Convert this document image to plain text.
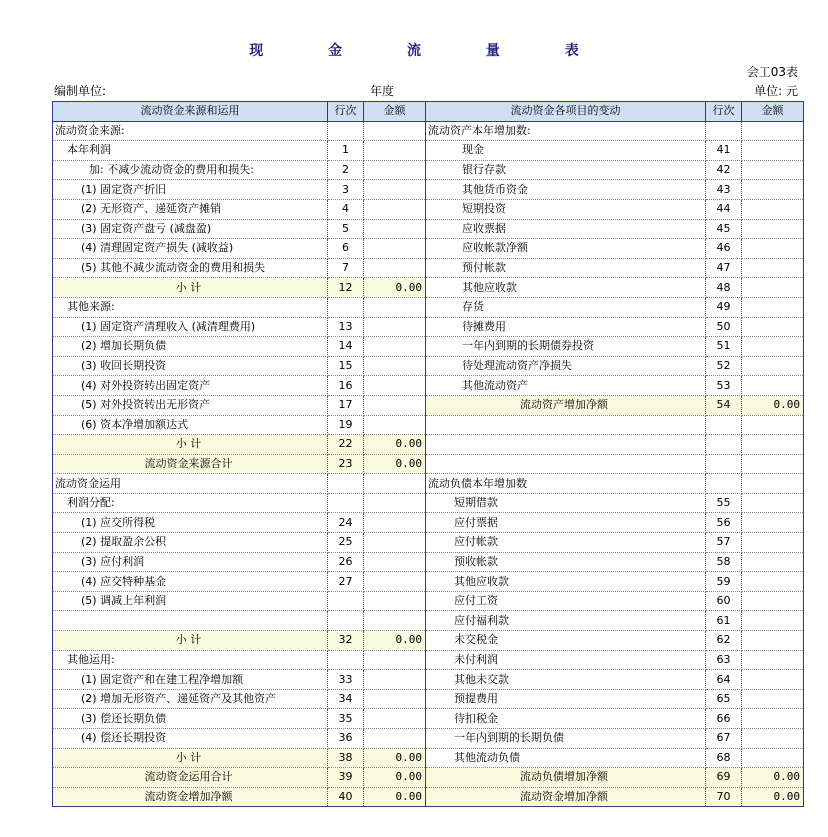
现 金 流 量 表
会工03表
编制单位:	年度	单位: 元
流动资金来源和运用	行次	金额	流动资金各项目的变动	行次	金额
流动资金来源:			流动资产本年增加数:		
本年利润	1		现金	41	
加: 不减少流动资金的费用和损失:	2		银行存款	42	
(1) 固定资产折旧	3		其他货币资金	43	
(2) 无形资产、递延资产摊销	4		短期投资	44	
(3) 固定资产盘亏 (减盘盈)	5		应收票据	45	
(4) 清理固定资产损失 (减收益)	6		应收帐款净额	46	
(5) 其他不减少流动资金的费用和损失	7		预付帐款	47	
小 计	12	0.00	其他应收款	48	
其他来源:			存货	49	
(1) 固定资产清理收入 (减清理费用)	13		待摊费用	50	
(2) 增加长期负债	14		一年内到期的长期债券投资	51	
(3) 收回长期投资	15		待处理流动资产净损失	52	
(4) 对外投资转出固定资产	16		其他流动资产	53	
(5) 对外投资转出无形资产	17		流动资产增加净额	54	0.00
(6) 资本净增加额达式	19				
小 计	22	0.00			
流动资金来源合计	23	0.00			
流动资金运用			流动负债本年增加数		
利润分配:			短期借款	55	
(1) 应交所得税	24		应付票据	56	
(2) 提取盈余公积	25		应付帐款	57	
(3) 应付利润	26		预收帐款	58	
(4) 应交特种基金	27		其他应收款	59	
(5) 调减上年利润			应付工资	60	
			应付福利款	61	
小 计	32	0.00	未交税金	62	
其他运用:			未付利润	63	
(1) 固定资产和在建工程净增加额	33		其他未交款	64	
(2) 增加无形资产、递延资产及其他资产	34		预提费用	65	
(3) 偿还长期负债	35		待扣税金	66	
(4) 偿还长期投资	36		一年内到期的长期负债	67	
小 计	38	0.00	其他流动负债	68	
流动资金运用合计	39	0.00	流动负债增加净额	69	0.00
流动资金增加净额	40	0.00	流动资金增加净额	70	0.00
